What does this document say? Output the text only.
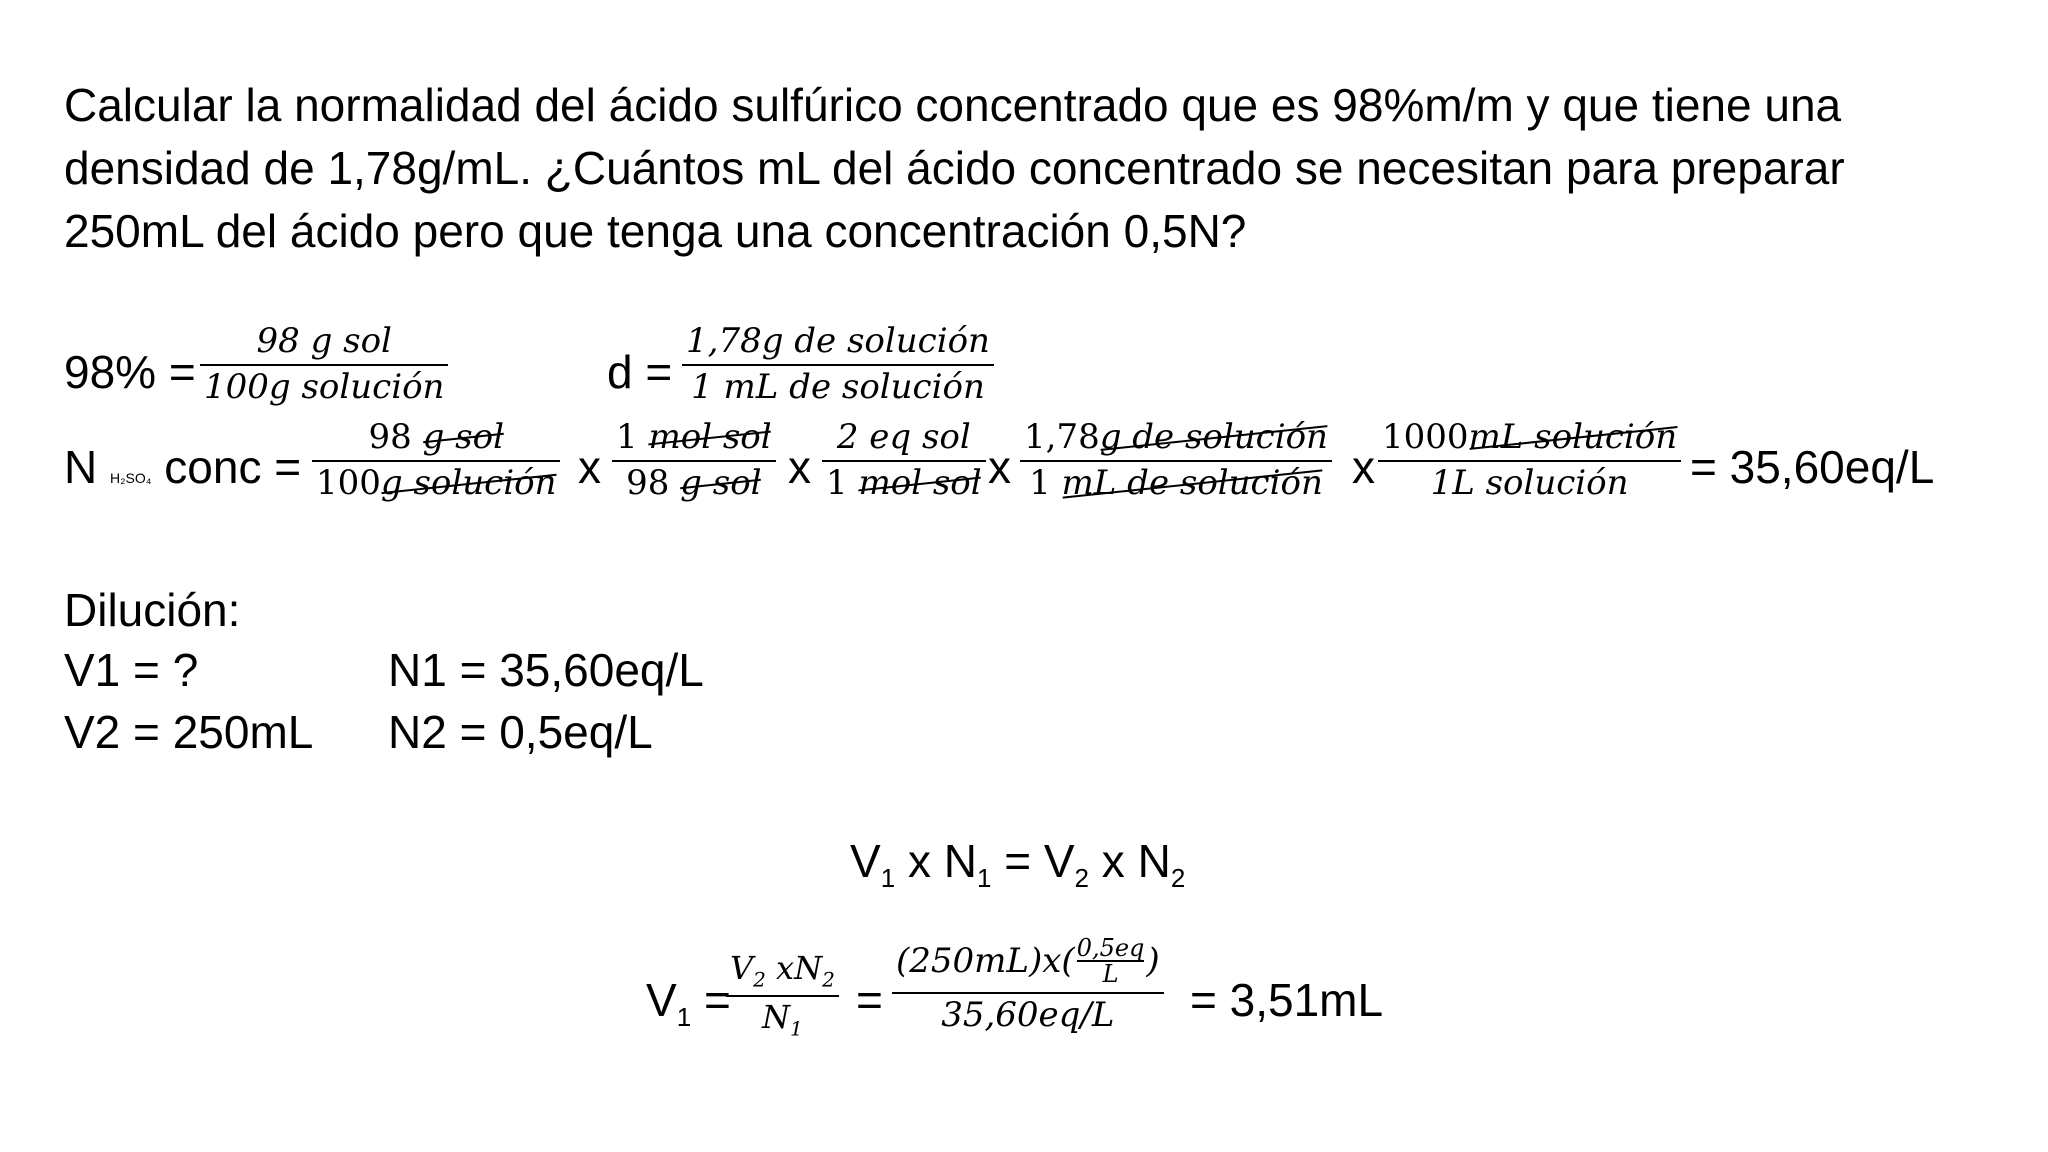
Calcular la normalidad del ácido sulfúrico concentrado que es 98%m/m y que tiene una
densidad de 1,78g/mL. ¿Cuántos mL del ácido concentrado se necesitan para preparar
250mL del ácido pero que tenga una concentración 0,5N?
98% =
98 g sol
100g solución	d =
1,78g de solución
1 mL de solución
N H₂SO₄ conc =
98 g sol
100g solución x
1 mol sol
98 g sol x
2 eq sol
1 mol sol x
1,78g de solución
1 mL de solución x
1000mL solución
1L solución = 35,60eq/L
Dilución:
V1 = ?	N1 = 35,60eq/L
V2 = 250mL N2 = 0,5eq/L
$V_1$ x $N_1 = V_2$ x $N_2$
$V_1$ =
$V_2$ $xN_2$
$N_1$
=
(250mL)x( 0,5eq
L )
35,60eq/L = 3,51mL
